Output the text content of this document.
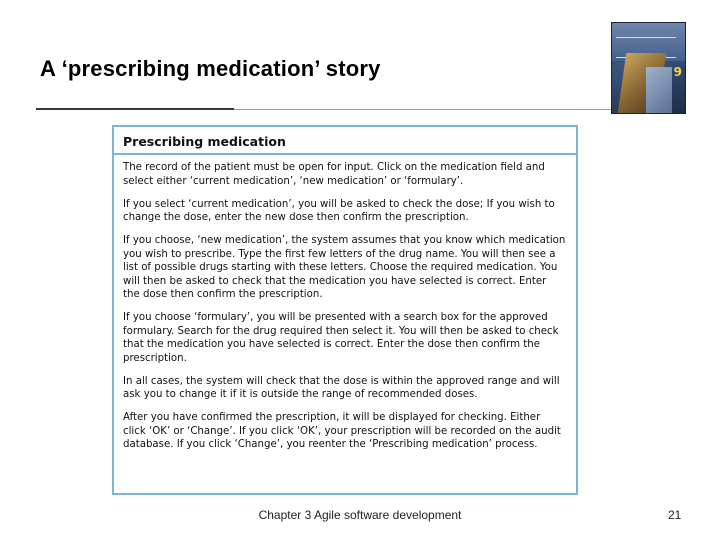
A ‘prescribing medication’ story	9
Prescribing medication

The record of the patient must be open for input. Click on the medication field and select either ‘current medication’, ‘new medication’ or ‘formulary’.

If you select ‘current medication’, you will be asked to check the dose; If you wish to change the dose, enter the new dose then confirm the prescription.

If you choose, ‘new medication’, the system assumes that you know which medication you wish to prescribe. Type the first few letters of the drug name. You will then see a list of possible drugs starting with these letters. Choose the required medication. You will then be asked to check that the medication you have selected is correct. Enter the dose then confirm the prescription.

If you choose ‘formulary’, you will be presented with a search box for the approved formulary. Search for the drug required then select it. You will then be asked to check that the medication you have selected is correct. Enter the dose then confirm the prescription.

In all cases, the system will check that the dose is within the approved range and will ask you to change it if it is outside the range of recommended doses.

After you have confirmed the prescription, it will be displayed for checking. Either click ‘OK’ or ‘Change’. If you click ‘OK’, your prescription will be recorded on the audit database. If you click ‘Change’, you reenter the ‘Prescribing medication’ process.

Chapter 3 Agile software development	21
